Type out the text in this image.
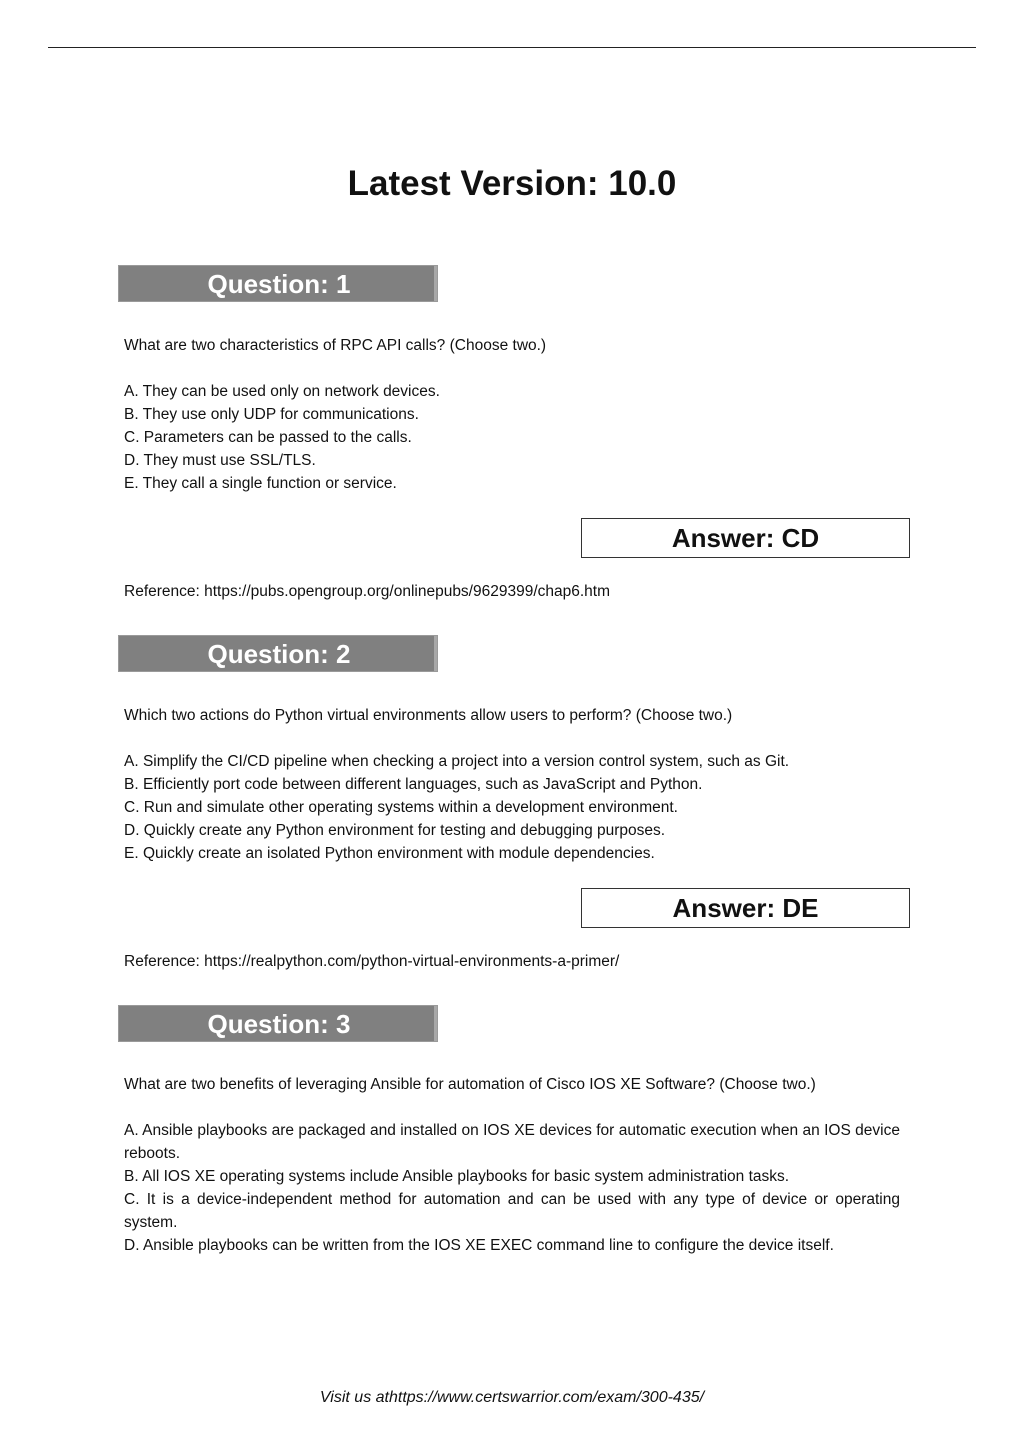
Latest Version: 10.0
Question: 1

What are two characteristics of RPC API calls? (Choose two.)

A. They can be used only on network devices.

B. They use only UDP for communications.

C. Parameters can be passed to the calls.

D. They must use SSL/TLS.

E. They call a single function or service.

Answer: CD
Reference: https://pubs.opengroup.org/onlinepubs/9629399/chap6.htm
Question: 2

Which two actions do Python virtual environments allow users to perform? (Choose two.)

A. Simplify the CI/CD pipeline when checking a project into a version control system, such as Git.

B. Efficiently port code between different languages, such as JavaScript and Python.

C. Run and simulate other operating systems within a development environment.

D. Quickly create any Python environment for testing and debugging purposes.

E. Quickly create an isolated Python environment with module dependencies.

Answer: DE
Reference: https://realpython.com/python-virtual-environments-a-primer/
Question: 3

What are two benefits of leveraging Ansible for automation of Cisco IOS XE Software? (Choose two.)

A. Ansible playbooks are packaged and installed on IOS XE devices for automatic execution when an IOS device reboots.

B. All IOS XE operating systems include Ansible playbooks for basic system administration tasks.

C. It is a device-independent method for automation and can be used with any type of device or operating system.

D. Ansible playbooks can be written from the IOS XE EXEC command line to configure the device itself.

Visit us athttps://www.certswarrior.com/exam/300-435/
